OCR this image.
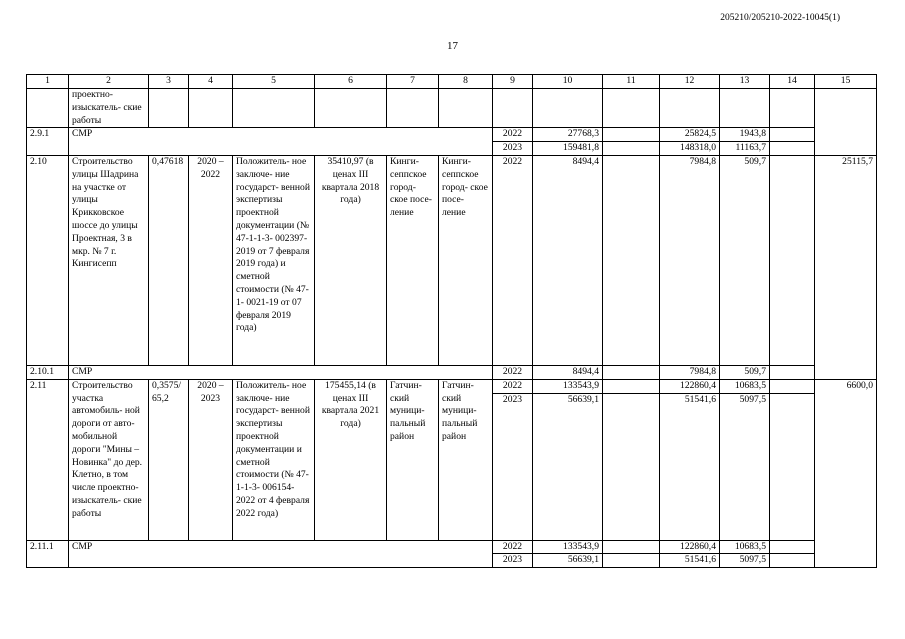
205210/205210-2022-10045(1)
17
1	2	3	4	5	6	7	8	9	10	11	12	13	14	15
	проектно- изыскатель- ские работы													
2.9.1	СМР							2022	27768,3		25824,5	1943,8		
								2023	159481,8		148318,0	11163,7		
2.10	Строительство улицы Шадрина на участке от улицы Крикковское шоссе до улицы Проектная, 3 в мкр. № 7 г. Кингисепп	0,47618	2020 – 2022	Положитель- ное заключе- ние государст- венной экспертизы проектной документации (№ 47-1-1-3- 002397-2019 от 7 февраля 2019 года) и сметной стоимости (№ 47-1- 0021-19 от 07 февраля 2019 года)	35410,97 (в ценах III квартала 2018 года)	Кинги- сеппское город- ское посе- ление	Кинги- сеппское город- ское посе- ление	2022	8494,4		7984,8	509,7		25115,7
2.10.1	СМР							2022	8494,4		7984,8	509,7		
2.11	Строительство участка автомобиль- ной дороги от авто- мобильной дороги "Мины – Новинка" до дер. Клетно, в том числе проектно- изыскатель- ские работы	0,3575/ 65,2	2020 – 2023	Положитель- ное заключе- ние государст- венной экспертизы проектной документации и сметной стоимости (№ 47-1-1-3- 006154-2022 от 4 февраля 2022 года)	175455,14 (в ценах III квартала 2021 года)	Гатчин- ский муници- пальный район	Гатчин- ский муници- пальный район	2022	133543,9		122860,4	10683,5		6600,0
								2023	56639,1		51541,6	5097,5		
2.11.1	СМР							2022	133543,9		122860,4	10683,5		
								2023	56639,1		51541,6	5097,5		
